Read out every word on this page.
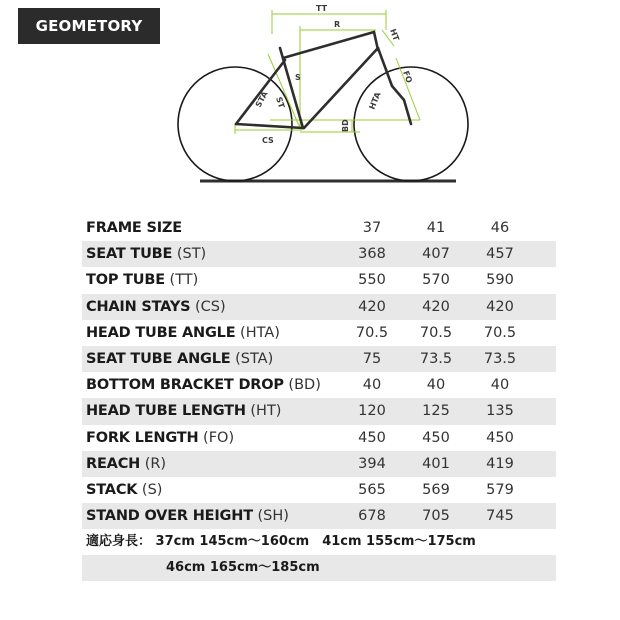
GEOMETORY
TT
R
S
BD
CS
HT
FO
HTA
STA ST
FRAME SIZE	37	41	46
SEAT TUBE (ST)	368	407	457
TOP TUBE (TT)	550	570	590
CHAIN STAYS (CS)	420	420	420
HEAD TUBE ANGLE (HTA)	70.5	70.5	70.5
SEAT TUBE ANGLE (STA)	75	73.5	73.5
BOTTOM BRACKET DROP (BD)	40	40	40
HEAD TUBE LENGTH (HT)	120	125	135
FORK LENGTH (FO)	450	450	450
REACH (R)	394	401	419
STACK (S)	565	569	579
STAND OVER HEIGHT (SH)	678	705	745
適応身長： 37cm 145cm〜160cm　41cm 155cm〜175cm
46cm 165cm〜185cm
